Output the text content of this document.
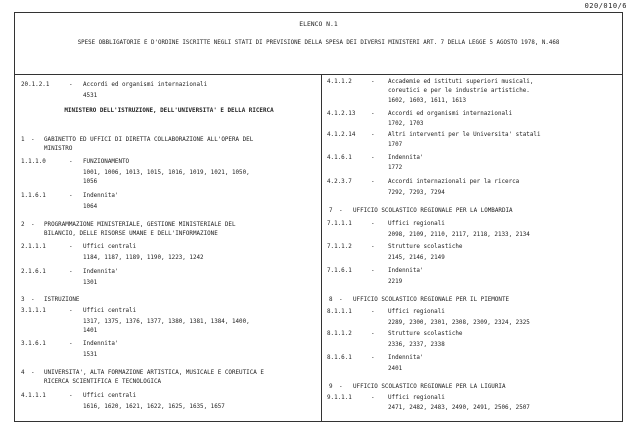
020/010/6
ELENCO N.1
SPESE OBBLIGATORIE E D'ORDINE ISCRITTE NEGLI STATI DI PREVISIONE DELLA SPESA DEI DIVERSI MINISTERI ART. 7 DELLA LEGGE 5 AGOSTO 1978, N.468
20.1.2.1	- Accordi ed organismi internazionali
4531
MINISTERO DELL'ISTRUZIONE, DELL'UNIVERSITA' E DELLA RICERCA
1 - GABINETTO ED UFFICI DI DIRETTA COLLABORAZIONE ALL'OPERA DEL
MINISTRO
1.1.1.0	- FUNZIONAMENTO
1001, 1006, 1013, 1015, 1016, 1019, 1021, 1050,
1056
1.1.6.1	- Indennita'
1064
2 - PROGRAMMAZIONE MINISTERIALE, GESTIONE MINISTERIALE DEL
BILANCIO, DELLE RISORSE UMANE E DELL'INFORMAZIONE
2.1.1.1	- Uffici centrali
1184, 1187, 1189, 1190, 1223, 1242
2.1.6.1	- Indennita'
1301
3 - ISTRUZIONE
3.1.1.1	- Uffici centrali
1317, 1375, 1376, 1377, 1380, 1381, 1384, 1400,
1401
3.1.6.1	- Indennita'
1531
4 - UNIVERSITA', ALTA FORMAZIONE ARTISTICA, MUSICALE E COREUTICA E
RICERCA SCIENTIFICA E TECNOLOGICA
4.1.1.1	- Uffici centrali
1616, 1620, 1621, 1622, 1625, 1635, 1657
4.1.1.2	- Accademie ed istituti superiori musicali,
coreutici e per le industrie artistiche.
1602, 1603, 1611, 1613
4.1.2.13	- Accordi ed organismi internazionali
1702, 1703
4.1.2.14	- Altri interventi per le Universita' statali
1707
4.1.6.1	- Indennita'
1772
4.2.3.7	- Accordi internazionali per la ricerca
7292, 7293, 7294
7 - UFFICIO SCOLASTICO REGIONALE PER LA LOMBARDIA
7.1.1.1	- Uffici regionali
2098, 2109, 2110, 2117, 2118, 2133, 2134
7.1.1.2	- Strutture scolastiche
2145, 2146, 2149
7.1.6.1	- Indennita'
2219
8 - UFFICIO SCOLASTICO REGIONALE PER IL PIEMONTE
8.1.1.1	- Uffici regionali
2289, 2300, 2301, 2308, 2309, 2324, 2325
8.1.1.2	- Strutture scolastiche
2336, 2337, 2338
8.1.6.1	- Indennita'
2401
9 - UFFICIO SCOLASTICO REGIONALE PER LA LIGURIA
9.1.1.1	- Uffici regionali
2471, 2482, 2483, 2490, 2491, 2506, 2507
